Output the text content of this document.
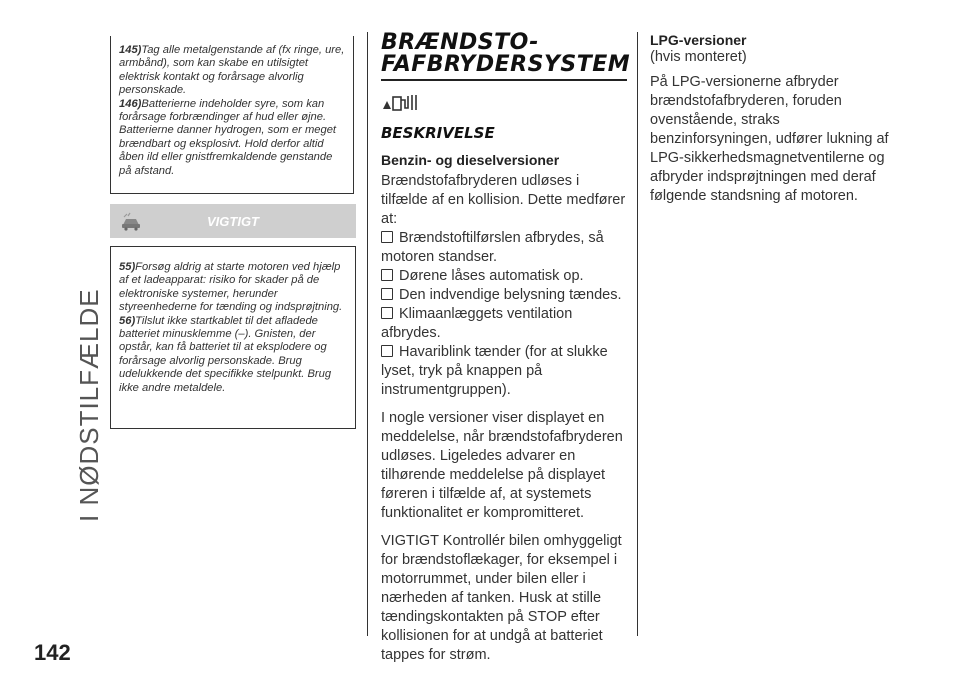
I NØDSTILFÆLDE
142

145)Tag alle metalgenstande af (fx ringe, ure, armbånd), som kan skabe en utilsigtet elektrisk kontakt og forårsage alvorlig personskade.

146)Batterierne indeholder syre, som kan forårsage forbrændinger af hud eller øjne. Batterierne danner hydrogen, som er meget brændbart og eksplosivt. Hold derfor altid åben ild eller gnistfremkaldende genstande på afstand.

VIGTIGT

55)Forsøg aldrig at starte motoren ved hjælp af et ladeapparat: risiko for skader på de elektroniske systemer, herunder styreenhederne for tænding og indsprøjtning.

56)Tilslut ikke startkablet til det afladede batteriet minusklemme (–). Gnisten, der opstår, kan få batteriet til at eksplodere og forårsage alvorlig personskade. Brug udelukkende det specifikke stelpunkt. Brug ikke andre metaldele.

BRÆNDSTO-

FAFBRYDERSYSTEM

BESKRIVELSE

Benzin- og dieselversioner

Brændstofafbryderen udløses i tilfælde af en kollision. Dette medfører at:

Brændstoftilførslen afbrydes, så motoren standser.

Dørene låses automatisk op.

Den indvendige belysning tændes.

Klimaanlæggets ventilation afbrydes.

Havariblink tænder (for at slukke lyset, tryk på knappen på instrumentgruppen).

I nogle versioner viser displayet en meddelelse, når brændstofafbryderen udløses. Ligeledes advarer en tilhørende meddelelse på displayet føreren i tilfælde af, at systemets funktionalitet er kompromitteret.

VIGTIGT Kontrollér bilen omhyggeligt for brændstoflækager, for eksempel i motorrummet, under bilen eller i nærheden af tanken. Husk at stille tændingskontakten på STOP efter kollisionen for at undgå at batteriet tappes for strøm.

LPG-versioner

(hvis monteret)

På LPG-versionerne afbryder brændstofafbryderen, foruden ovenstående, straks benzinforsyningen, udfører lukning af LPG-sikkerhedsmagnetventilerne og afbryder indsprøjtningen med deraf følgende standsning af motoren.
